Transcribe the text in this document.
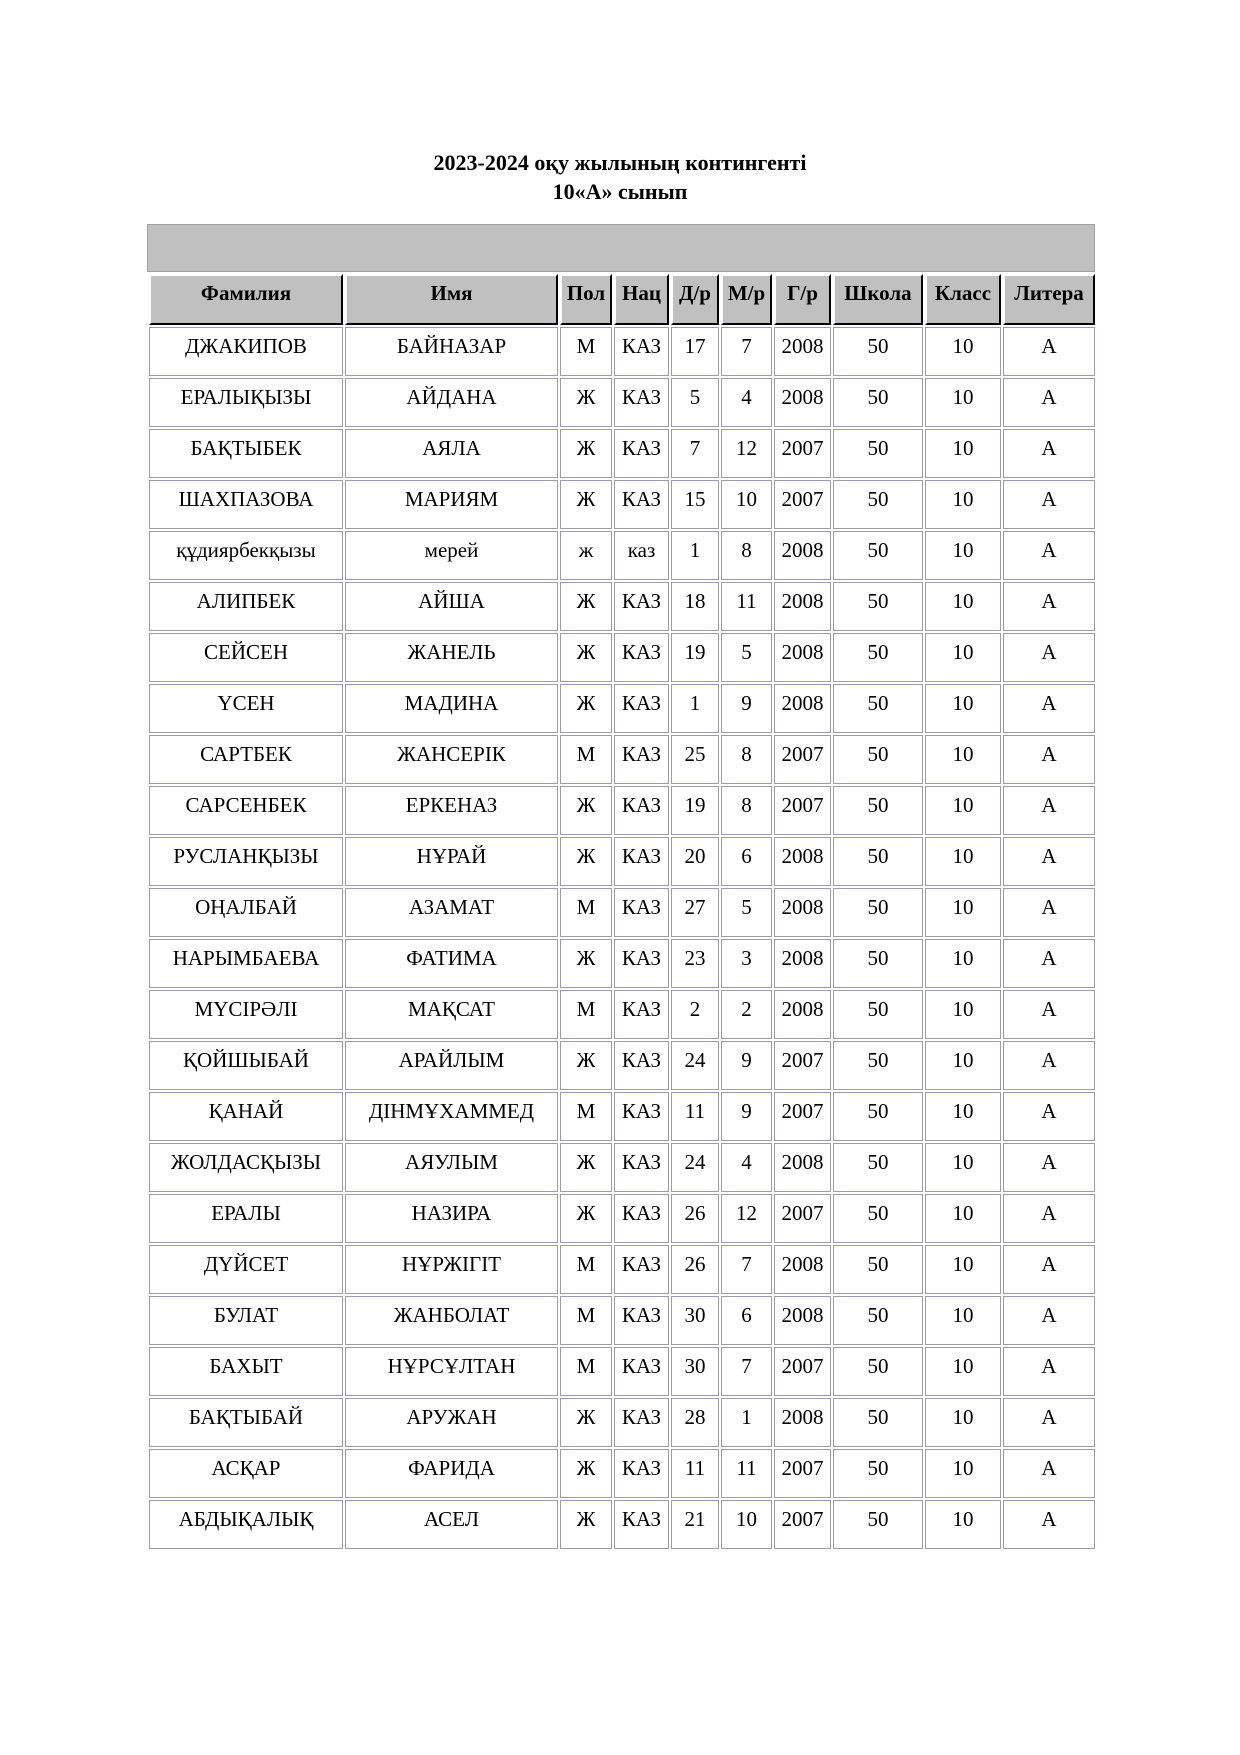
2023-2024 оқу жылының контингенті
10«А» сынып
Фамилия	Имя	Пол	Нац	Д/р	М/р	Г/р	Школа	Класс	Литера
ДЖАКИПОВ	БАЙНАЗАР	М	КАЗ	17	7	2008	50	10	А
ЕРАЛЫҚЫЗЫ	АЙДАНА	Ж	КАЗ	5	4	2008	50	10	А
БАҚТЫБЕК	АЯЛА	Ж	КАЗ	7	12	2007	50	10	А
ШАХПАЗОВА	МАРИЯМ	Ж	КАЗ	15	10	2007	50	10	А
құдиярбекқызы	мерей	ж	каз	1	8	2008	50	10	А
АЛИПБЕК	АЙША	Ж	КАЗ	18	11	2008	50	10	А
СЕЙСЕН	ЖАНЕЛЬ	Ж	КАЗ	19	5	2008	50	10	А
ҮСЕН	МАДИНА	Ж	КАЗ	1	9	2008	50	10	А
САРТБЕК	ЖАНСЕРІК	М	КАЗ	25	8	2007	50	10	А
САРСЕНБЕК	ЕРКЕНАЗ	Ж	КАЗ	19	8	2007	50	10	А
РУСЛАНҚЫЗЫ	НҰРАЙ	Ж	КАЗ	20	6	2008	50	10	А
ОҢАЛБАЙ	АЗАМАТ	М	КАЗ	27	5	2008	50	10	А
НАРЫМБАЕВА	ФАТИМА	Ж	КАЗ	23	3	2008	50	10	А
МҮСІРӘЛІ	МАҚСАТ	М	КАЗ	2	2	2008	50	10	А
ҚОЙШЫБАЙ	АРАЙЛЫМ	Ж	КАЗ	24	9	2007	50	10	А
ҚАНАЙ	ДІНМҰХАММЕД	М	КАЗ	11	9	2007	50	10	А
ЖОЛДАСҚЫЗЫ	АЯУЛЫМ	Ж	КАЗ	24	4	2008	50	10	А
ЕРАЛЫ	НАЗИРА	Ж	КАЗ	26	12	2007	50	10	А
ДҮЙСЕТ	НҰРЖІГІТ	М	КАЗ	26	7	2008	50	10	А
БУЛАТ	ЖАНБОЛАТ	М	КАЗ	30	6	2008	50	10	А
БАХЫТ	НҰРСҰЛТАН	М	КАЗ	30	7	2007	50	10	А
БАҚТЫБАЙ	АРУЖАН	Ж	КАЗ	28	1	2008	50	10	А
АСҚАР	ФАРИДА	Ж	КАЗ	11	11	2007	50	10	А
АБДЫҚАЛЫҚ	АСЕЛ	Ж	КАЗ	21	10	2007	50	10	А
